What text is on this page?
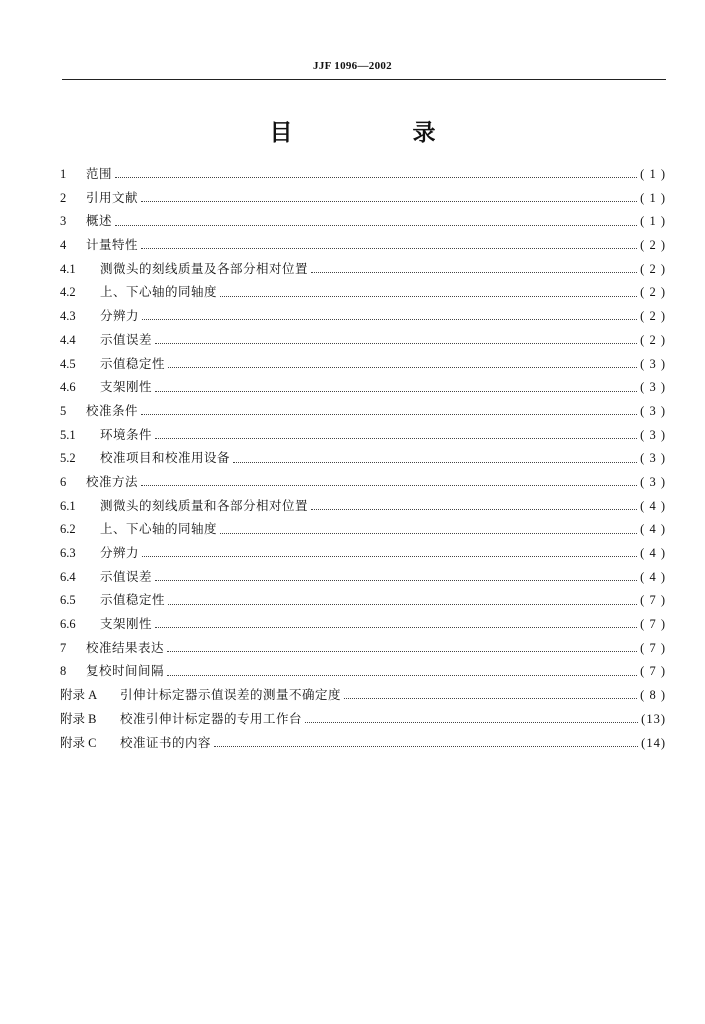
JJF 1096—2002
目 录
1	范围	( 1 )
2	引用文献	( 1 )
3	概述	( 1 )
4	计量特性	( 2 )
4.1	测微头的刻线质量及各部分相对位置	( 2 )
4.2	上、下心轴的同轴度	( 2 )
4.3	分辨力	( 2 )
4.4	示值误差	( 2 )
4.5	示值稳定性	( 3 )
4.6	支架刚性	( 3 )
5	校准条件	( 3 )
5.1	环境条件	( 3 )
5.2	校准项目和校准用设备	( 3 )
6	校准方法	( 3 )
6.1	测微头的刻线质量和各部分相对位置	( 4 )
6.2	上、下心轴的同轴度	( 4 )
6.3	分辨力	( 4 )
6.4	示值误差	( 4 )
6.5	示值稳定性	( 7 )
6.6	支架刚性	( 7 )
7	校准结果表达	( 7 )
8	复校时间间隔	( 7 )
附录 A	引伸计标定器示值误差的测量不确定度	( 8 )
附录 B	校准引伸计标定器的专用工作台	(13)
附录 C	校准证书的内容	(14)
